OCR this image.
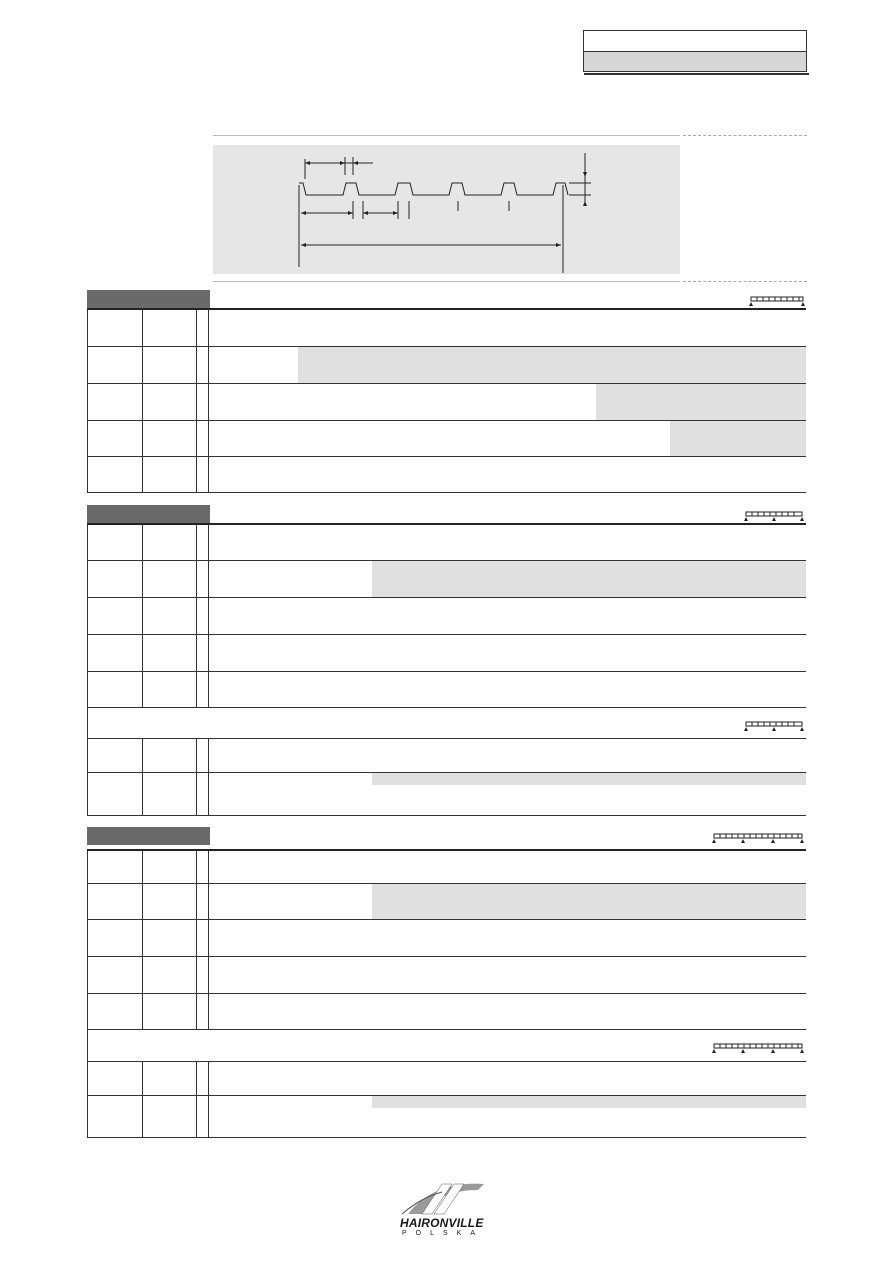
HAIRONVILLE
POLSKA
